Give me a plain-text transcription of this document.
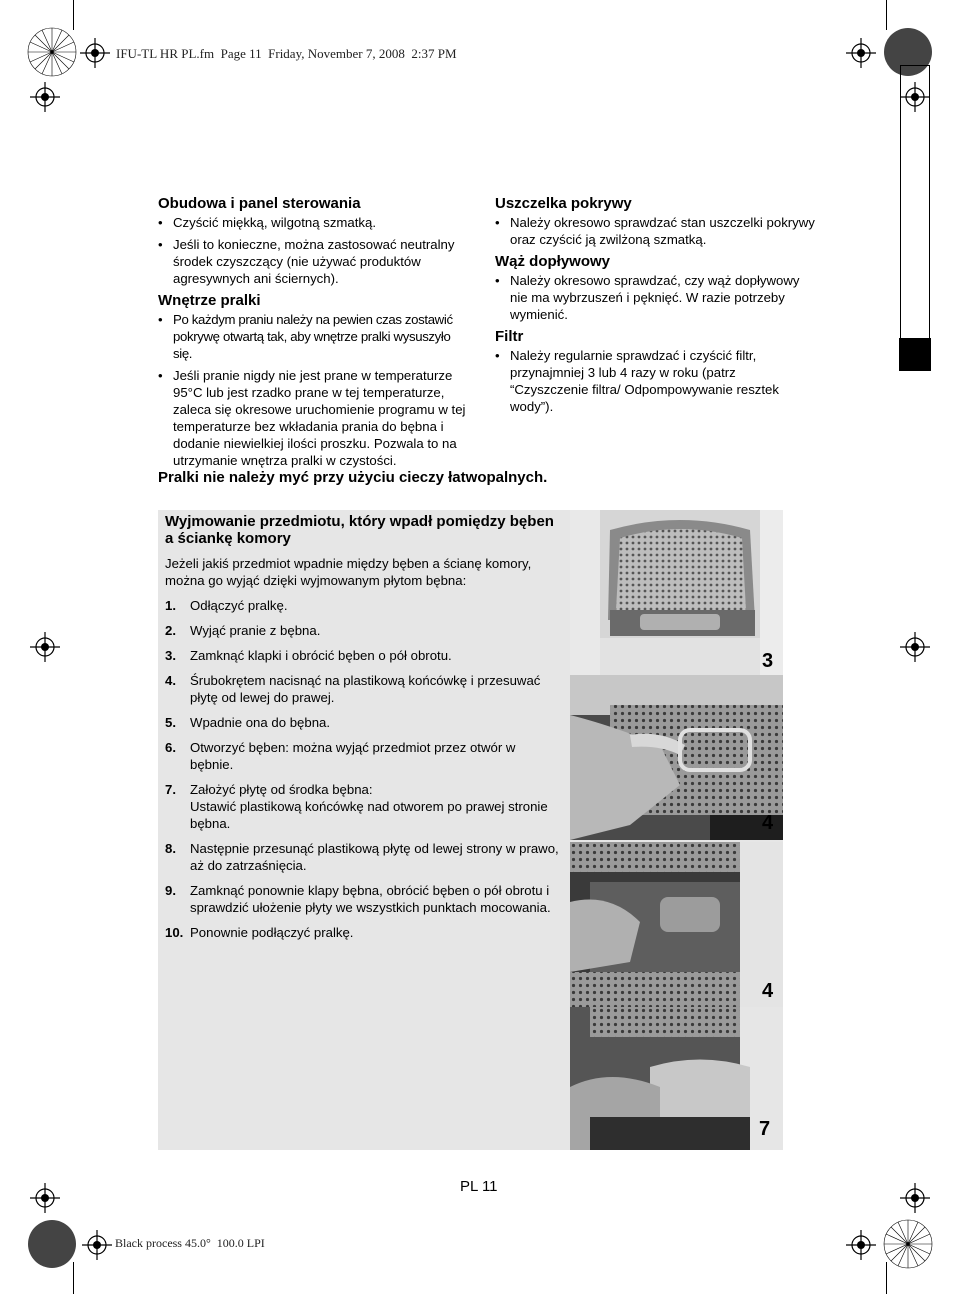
IFU-TL HR PL.fm  Page 11  Friday, November 7, 2008  2:37 PM
Obudowa i panel sterowania
• Czyścić miękką, wilgotną szmatką.
• Jeśli to konieczne, można zastosować neutralny środek czyszczący (nie używać produktów agresywnych ani ściernych).
Wnętrze pralki
• Po każdym praniu należy na pewien czas zostawić pokrywę otwartą tak, aby wnętrze pralki wysuszyło się.
• Jeśli pranie nigdy nie jest prane w temperaturze 95°C lub jest rzadko prane w tej temperaturze, zaleca się okresowe uruchomienie programu w tej temperaturze bez wkładania prania do bębna i dodanie niewielkiej ilości proszku. Pozwala to na utrzymanie wnętrza pralki w czystości.
Uszczelka pokrywy
• Należy okresowo sprawdzać stan uszczelki pokrywy oraz czyścić ją zwilżoną szmatką.
Wąż dopływowy
• Należy okresowo sprawdzać, czy wąż dopływowy nie ma wybrzuszeń i pęknięć. W razie potrzeby wymienić.
Filtr
• Należy regularnie sprawdzać i czyścić filtr, przynajmniej 3 lub 4 razy w roku (patrz “Czyszczenie filtra/ Odpompowywanie resztek wody”).
Pralki nie należy myć przy użyciu cieczy łatwopalnych.

Wyjmowanie przedmiotu, który wpadł pomiędzy bęben a ściankę komory

Jeżeli jakiś przedmiot wpadnie między bęben a ścianę komory, można go wyjąć dzięki wyjmowanym płytom bębna:

1. Odłączyć pralkę.
2. Wyjąć pranie z bębna.
3. Zamknąć klapki i obrócić bęben o pół obrotu.
4. Śrubokrętem nacisnąć na plastikową końcówkę i przesuwać płytę od lewej do prawej.
5. Wpadnie ona do bębna.
6. Otworzyć bęben: można wyjąć przedmiot przez otwór w bębnie.
7. Założyć płytę od środka bębna:
Ustawić plastikową końcówkę nad otworem po prawej stronie bębna.
8. Następnie przesunąć plastikową płytę od lewej strony w prawo, aż do zatrzaśnięcia.
9. Zamknąć ponownie klapy bębna, obrócić bęben o pół obrotu i sprawdzić ułożenie płyty we wszystkich punktach mocowania.
10. Ponownie podłączyć pralkę.
3
4
4
7
PL 11
Black process 45.0°  100.0 LPI
